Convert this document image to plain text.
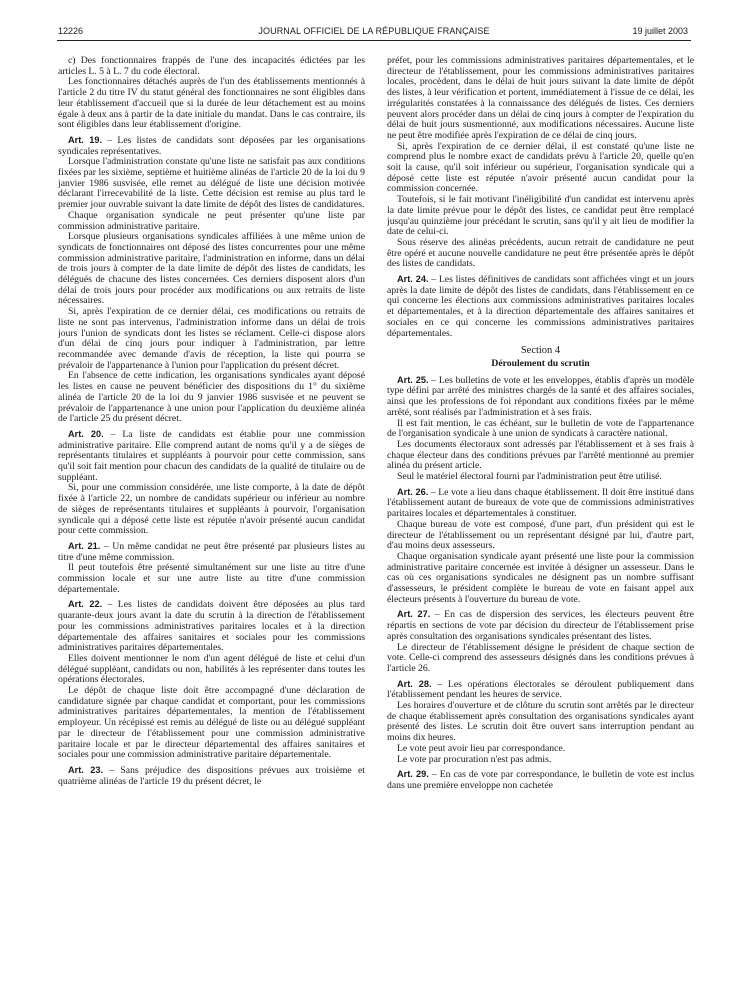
12226	JOURNAL OFFICIEL DE LA RÉPUBLIQUE FRANÇAISE	19 juillet 2003

c) Des fonctionnaires frappés de l'une des incapacités édictées par les articles L. 5 à L. 7 du code électoral.

Les fonctionnaires détachés auprès de l'un des établissements mentionnés à l'article 2 du titre IV du statut général des fonctionnaires ne sont éligibles dans leur établissement d'accueil que si la durée de leur détachement est au moins égale à deux ans à partir de la date initiale du mandat. Dans le cas contraire, ils sont éligibles dans leur établissement d'origine.

Art. 19. – Les listes de candidats sont déposées par les organisations syndicales représentatives.

Lorsque l'administration constate qu'une liste ne satisfait pas aux conditions fixées par les sixième, septième et huitième alinéas de l'article 20 de la loi du 9 janvier 1986 susvisée, elle remet au délégué de liste une décision motivée déclarant l'irrecevabilité de la liste. Cette décision est remise au plus tard le premier jour ouvrable suivant la date limite de dépôt des listes de candidatures.

Chaque organisation syndicale ne peut présenter qu'une liste par commission administrative paritaire.

Lorsque plusieurs organisations syndicales affiliées à une même union de syndicats de fonctionnaires ont déposé des listes concurrentes pour une même commission administrative paritaire, l'administration en informe, dans un délai de trois jours à compter de la date limite de dépôt des listes de candidats, les délégués de chacune des listes concernées. Ces derniers disposent alors d'un délai de trois jours pour procéder aux modifications ou aux retraits de liste nécessaires.

Si, après l'expiration de ce dernier délai, ces modifications ou retraits de liste ne sont pas intervenus, l'administration informe dans un délai de trois jours l'union de syndicats dont les listes se réclament. Celle-ci dispose alors d'un délai de cinq jours pour indiquer à l'administration, par lettre recommandée avec demande d'avis de réception, la liste qui pourra se prévaloir de l'appartenance à l'union pour l'application du présent décret.

En l'absence de cette indication, les organisations syndicales ayant déposé les listes en cause ne peuvent bénéficier des dispositions du 1° du sixième alinéa de l'article 20 de la loi du 9 janvier 1986 susvisée et ne peuvent se prévaloir de l'appartenance à une union pour l'application du deuxième alinéa de l'article 25 du présent décret.

Art. 20. – La liste de candidats est établie pour une commission administrative paritaire. Elle comprend autant de noms qu'il y a de sièges de représentants titulaires et suppléants à pourvoir pour cette commission, sans qu'il soit fait mention pour chacun des candidats de la qualité de titulaire ou de suppléant.

Si, pour une commission considérée, une liste comporte, à la date de dépôt fixée à l'article 22, un nombre de candidats supérieur ou inférieur au nombre de sièges de représentants titulaires et suppléants à pourvoir, l'organisation syndicale qui a déposé cette liste est réputée n'avoir présenté aucun candidat pour cette commission.

Art. 21. – Un même candidat ne peut être présenté par plusieurs listes au titre d'une même commission.

Il peut toutefois être présenté simultanément sur une liste au titre d'une commission locale et sur une autre liste au titre d'une commission départementale.

Art. 22. – Les listes de candidats doivent être déposées au plus tard quarante-deux jours avant la date du scrutin à la direction de l'établissement pour les commissions administratives paritaires locales et à la direction départementale des affaires sanitaires et sociales pour les commissions administratives paritaires départementales.

Elles doivent mentionner le nom d'un agent délégué de liste et celui d'un délégué suppléant, candidats ou non, habilités à les représenter dans toutes les opérations électorales.

Le dépôt de chaque liste doit être accompagné d'une déclaration de candidature signée par chaque candidat et comportant, pour les commissions administratives paritaires départementales, la mention de l'établissement employeur. Un récépissé est remis au délégué de liste ou au délégué suppléant par le directeur de l'établissement pour une commission administrative paritaire locale et par le directeur départemental des affaires sanitaires et sociales pour une commission administrative paritaire départementale.

Art. 23. – Sans préjudice des dispositions prévues aux troisième et quatrième alinéas de l'article 19 du présent décret, le

préfet, pour les commissions administratives paritaires départementales, et le directeur de l'établissement, pour les commissions administratives paritaires locales, procèdent, dans le délai de huit jours suivant la date limite de dépôt des listes, à leur vérification et portent, immédiatement à l'issue de ce délai, les irrégularités constatées à la connaissance des délégués de listes. Ces derniers peuvent alors procéder dans un délai de cinq jours à compter de l'expiration du délai de huit jours susmentionné, aux modifications nécessaires. Aucune liste ne peut être modifiée après l'expiration de ce délai de cinq jours.

Si, après l'expiration de ce dernier délai, il est constaté qu'une liste ne comprend plus le nombre exact de candidats prévu à l'article 20, quelle qu'en soit la cause, qu'il soit inférieur ou supérieur, l'organisation syndicale qui a déposé cette liste est réputée n'avoir présenté aucun candidat pour la commission concernée.

Toutefois, si le fait motivant l'inéligibilité d'un candidat est intervenu après la date limite prévue pour le dépôt des listes, ce candidat peut être remplacé jusqu'au quinzième jour précédant le scrutin, sans qu'il y ait lieu de modifier la date de celui-ci.

Sous réserve des alinéas précédents, aucun retrait de candidature ne peut être opéré et aucune nouvelle candidature ne peut être présentée après le dépôt des listes de candidats.

Art. 24. – Les listes définitives de candidats sont affichées vingt et un jours après la date limite de dépôt des listes de candidats, dans l'établissement en ce qui concerne les élections aux commissions administratives paritaires locales et départementales, et à la direction départementale des affaires sanitaires et sociales en ce qui concerne les commissions administratives paritaires départementales.

Section 4

Déroulement du scrutin

Art. 25. – Les bulletins de vote et les enveloppes, établis d'après un modèle type défini par arrêté des ministres chargés de la santé et des affaires sociales, ainsi que les professions de foi répondant aux conditions fixées par le même arrêté, sont réalisés par l'administration et à ses frais.

Il est fait mention, le cas échéant, sur le bulletin de vote de l'appartenance de l'organisation syndicale à une union de syndicats à caractère national.

Les documents électoraux sont adressés par l'établissement et à ses frais à chaque électeur dans des conditions prévues par l'arrêté mentionné au premier alinéa du présent article.

Seul le matériel électoral fourni par l'administration peut être utilisé.

Art. 26. – Le vote a lieu dans chaque établissement. Il doit être institué dans l'établissement autant de bureaux de vote que de commissions administratives paritaires locales et départementales à constituer.

Chaque bureau de vote est composé, d'une part, d'un président qui est le directeur de l'établissement ou un représentant désigné par lui, d'autre part, d'au moins deux assesseurs.

Chaque organisation syndicale ayant présenté une liste pour la commission administrative paritaire concernée est invitée à désigner un assesseur. Dans le cas où ces organisations syndicales ne désignent pas un nombre suffisant d'assesseurs, le président complète le bureau de vote en faisant appel aux électeurs présents à l'ouverture du bureau de vote.

Art. 27. – En cas de dispersion des services, les électeurs peuvent être répartis en sections de vote par décision du directeur de l'établissement prise après consultation des organisations syndicales présentant des listes.

Le directeur de l'établissement désigne le président de chaque section de vote. Celle-ci comprend des assesseurs désignés dans les conditions prévues à l'article 26.

Art. 28. – Les opérations électorales se déroulent publiquement dans l'établissement pendant les heures de service.

Les horaires d'ouverture et de clôture du scrutin sont arrêtés par le directeur de chaque établissement après consultation des organisations syndicales ayant présenté des listes. Le scrutin doit être ouvert sans interruption pendant au moins dix heures.

Le vote peut avoir lieu par correspondance.

Le vote par procuration n'est pas admis.

Art. 29. – En cas de vote par correspondance, le bulletin de vote est inclus dans une première enveloppe non cachetée
